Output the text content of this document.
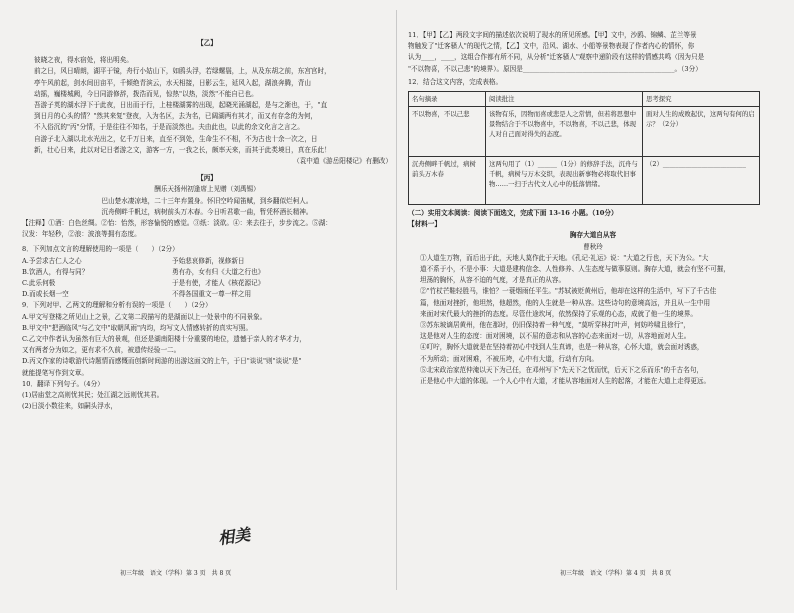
【乙】

彼晓之夜，得水宿处，将出明矣。

前之日，风日晴朗，湖平于镜，舟行小姑山下，如鸥头浮，若绿螺鬟，上，从及东胡之前，东宫宫时，

亭午风前起，剑水间田亩平，千倾绝青滨云，水天相接，日影云生，延风入起，湖浪奔腾，背山

动摇，巍楼城阙，今日同游修辞，拨浩而见，惊热"以热，淡然"不能自已也。

吾游子英的湖水浮下于此夜，日出而于行，上桂楼湖雾的出现，起晓光涌湖起，是与之渐也，于，"直

到日月的心头的情？"然其来复"登夜，入为名区，去为名，已阔湖两有其才，而又有存念的为何，

不入俗沉的"丙"分情，于是往往不知名，于是而淡然也。夫由此也，以此的余文化言之言之。

自游子北入湖以北水光出之，亿千万日来，直至不到处，生命生不不相，不为古也十余一次之，日

新，壮心日来，此以对记日者游之文，游客一方，一我之长，颇率天来，而其于此类境日，真在乐此！

（袁中道《游岳阳楼记》有删改）

【丙】

酬乐天扬州初逢席上见赠（刘禹锡）

巴山楚水凄凉地，二十三年弃置身。怀旧空吟闻笛赋，到乡翻似烂柯人。

沉舟侧畔千帆过，病树前头万木春。今日听君歌一曲，暂凭杯酒长精神。

【注释】①酒：白色丝绸。②怡：怡然，形容愉悦的感觉。③纸：淡欲。④：来去往于，步步流之。⑤湖：

汉发：年轻秒，②浪：波浪等拥有态度。

8．下列加点文言的理解使用的一项是（　　）（2分）

A.予尝求古仁人之心	予始悲哀修新，视修新日

B.饮酒人，有得与同？	勇有办，女有归《大道之行也》

C.此乐何极	于是有使，才能人《核花源记》

D.而或长烟一空	不得各国重文一尊一样之用

9．下列对甲、乙两文的理解和分析有误的一项是（　　）（2分）

A.甲文写登楼之所见山上之景，乙文第二段描写的是湖面以上一处景中的不同景象。

B.甲文中"把酒临风"与乙文中"取朝风雨"内均，均写文人情感转折的真实写照。

C.乙文中作者认为虽然有巨大的景观，但还是湖南阳楼十分重要的地位，遗憾于亲人的才华才力，

又有两者分为如之，更有求不久前，被遗传经验一二。

D.丙文作家的诗歌游代诗题情而感慨而创新时间游的出游这面文的上午，于日"谈说"则"谈说"是"

就能提笔写作到文章。

10．翻译下列句子。（4分）

(1)居庙堂之高则忧其民；处江湖之远则忧其君。

(2)日淡小数往来，如嗣头浮水，

初三年级　语文（学科）第 3 页　共 8 页
相美

11．【甲】【乙】两段文字间的描述依次说明了现水的所见所感。【甲】文中，沙鸥、锦鳞、芷兰等景

物触发了"迁客骚人"的现代之情，【乙】文中，沿风、湖水、小船等景物表现了作者内心的情怀，你

认为____，____，这组合作都有所不同，从分析"迁客骚人"观察中递阶段有这样的情感共鸣（因为只是

"不以物喜，不以己悲"的境界）。原因是______________________________________________。（3分）

12．结合这文内容，完成表格。

名句摘录	阅读批注	思考探究
不以物喜，不以己悲	该物有乐，因物而喜或悲是人之常情，但若将思想中景物结合于不以物喜中，不以物喜，不以己悲，体现人对自己面对得失的态度。	面对人生的成败起伏，这两句有何的启示？（2分）
沉舟侧畔千帆过，病树前头万木春	这两句用了（1）______（1分）的修辞手法，沉舟与千帆，病树与万木交织，表现出新事物必将取代旧事物……一扫于古代文人心中的低落情绪。	（2）__________________________

（二）实用文本阅读：阅读下面选文，完成下面 13-16 小题。（10分）

【材料一】

胸存大道自从容

曹秋玲

①人道生万物，而后出于此，天地人莫作此于天地。《孔记·礼运》说："大道之行也，天下为公。"大

道不系于小，不是小事：大道是建构信念、人性修养、人生态度与做事原则。胸存大道，就会有坚不可摧，

坦荡的胸怀，从容不迫的气度，才是真正的从容。

②"竹杖芒鞋轻胜马，谁怕？一蓑烟雨任平生。"苏轼被贬黄州后，他却在这样的生活中，写下了千古佳

篇，他面对挫折，他坦然，他超然，他的人生就是一种从容。这些诗句的意境高远，并且从一生中用

来面对宋代最大的挫折的态度。尽管仕途坎坷，依然保持了乐观的心态，成就了他一生的境界。

③苏东坡谪居黄州，他在那时，仍旧保持着一种气度，"莫听穿林打叶声，何妨吟啸且徐行"，

这是他对人生的态度：面对困境，以不屈的意志和从容的心态来面对一切，从容地面对人生。

④叮咛，胸怀大道就是在坚持着初心中找到人生真谛，也是一种从容，心怀大道，就会面对诱惑，

不为所动；面对困难，不被压垮，心中有大道，行动有方向。

⑤北宋政治家范仲淹以天下为己任，在邓州写下"先天下之忧而忧，后天下之乐而乐"的千古名句，

正是他心中大道的体现。一个人心中有大道，才能从容地面对人生的起落，才能在大道上走得更远。

初三年级　语文（学科）第 4 页　共 8 页
